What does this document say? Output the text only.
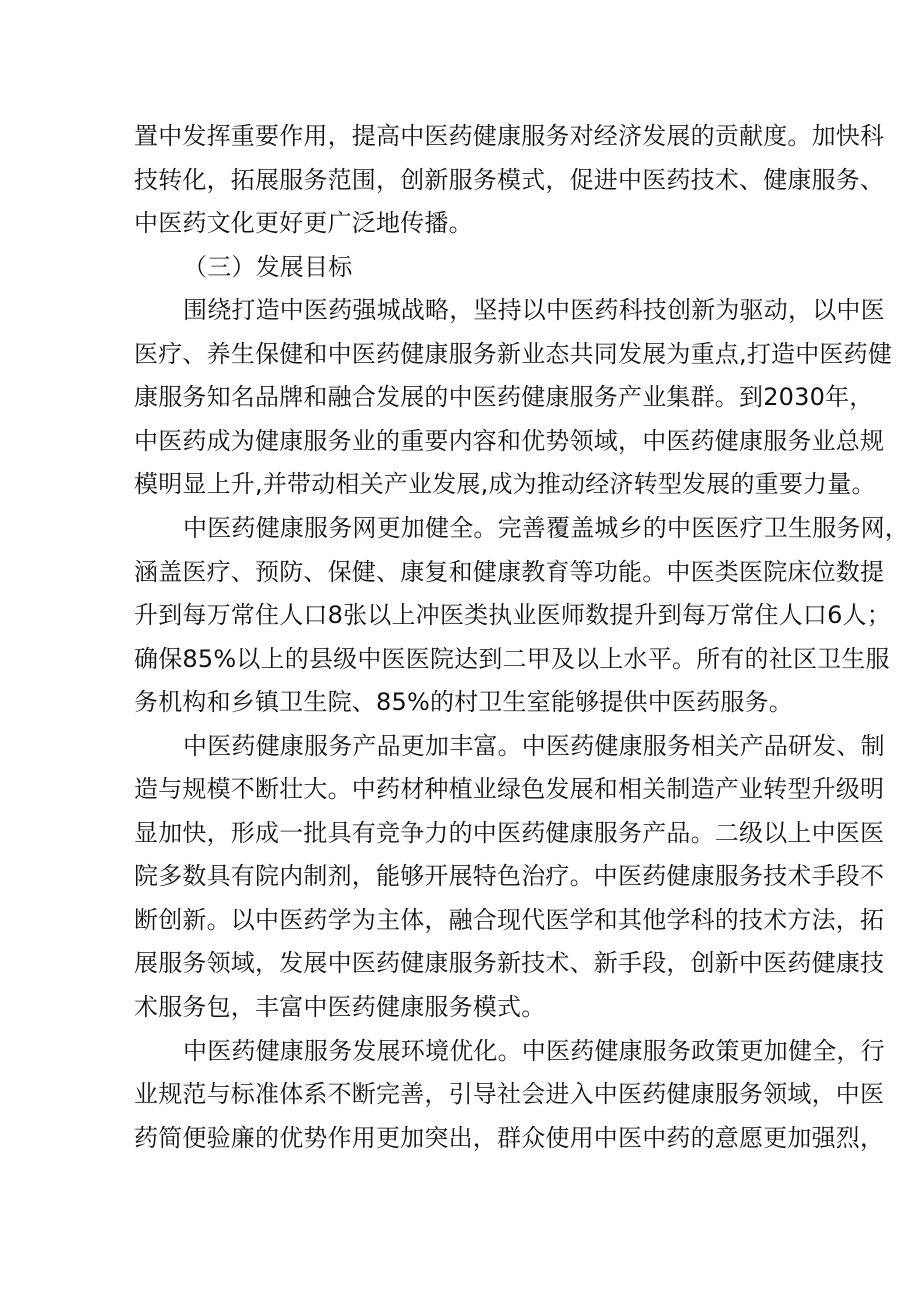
置中发挥重要作用，提高中医药健康服务对经济发展的贡献度。加快科
技转化，拓展服务范围，创新服务模式，促进中医药技术、健康服务、
中医药文化更好更广泛地传播。
（三）发展目标
围绕打造中医药强城战略，坚持以中医药科技创新为驱动，以中医
医疗、养生保健和中医药健康服务新业态共同发展为重点,打造中医药健
康服务知名品牌和融合发展的中医药健康服务产业集群。到2030年，
中医药成为健康服务业的重要内容和优势领域，中医药健康服务业总规
模明显上升,并带动相关产业发展,成为推动经济转型发展的重要力量。
中医药健康服务网更加健全。完善覆盖城乡的中医医疗卫生服务网，
涵盖医疗、预防、保健、康复和健康教育等功能。中医类医院床位数提
升到每万常住人口8张以上冲医类执业医师数提升到每万常住人口6人；
确保85%以上的县级中医医院达到二甲及以上水平。所有的社区卫生服
务机构和乡镇卫生院、85%的村卫生室能够提供中医药服务。
中医药健康服务产品更加丰富。中医药健康服务相关产品研发、制
造与规模不断壮大。中药材种植业绿色发展和相关制造产业转型升级明
显加快，形成一批具有竞争力的中医药健康服务产品。二级以上中医医
院多数具有院内制剂，能够开展特色治疗。中医药健康服务技术手段不
断创新。以中医药学为主体，融合现代医学和其他学科的技术方法，拓
展服务领域，发展中医药健康服务新技术、新手段，创新中医药健康技
术服务包，丰富中医药健康服务模式。
中医药健康服务发展环境优化。中医药健康服务政策更加健全，行
业规范与标准体系不断完善，引导社会进入中医药健康服务领域，中医
药简便验廉的优势作用更加突出，群众使用中医中药的意愿更加强烈，
